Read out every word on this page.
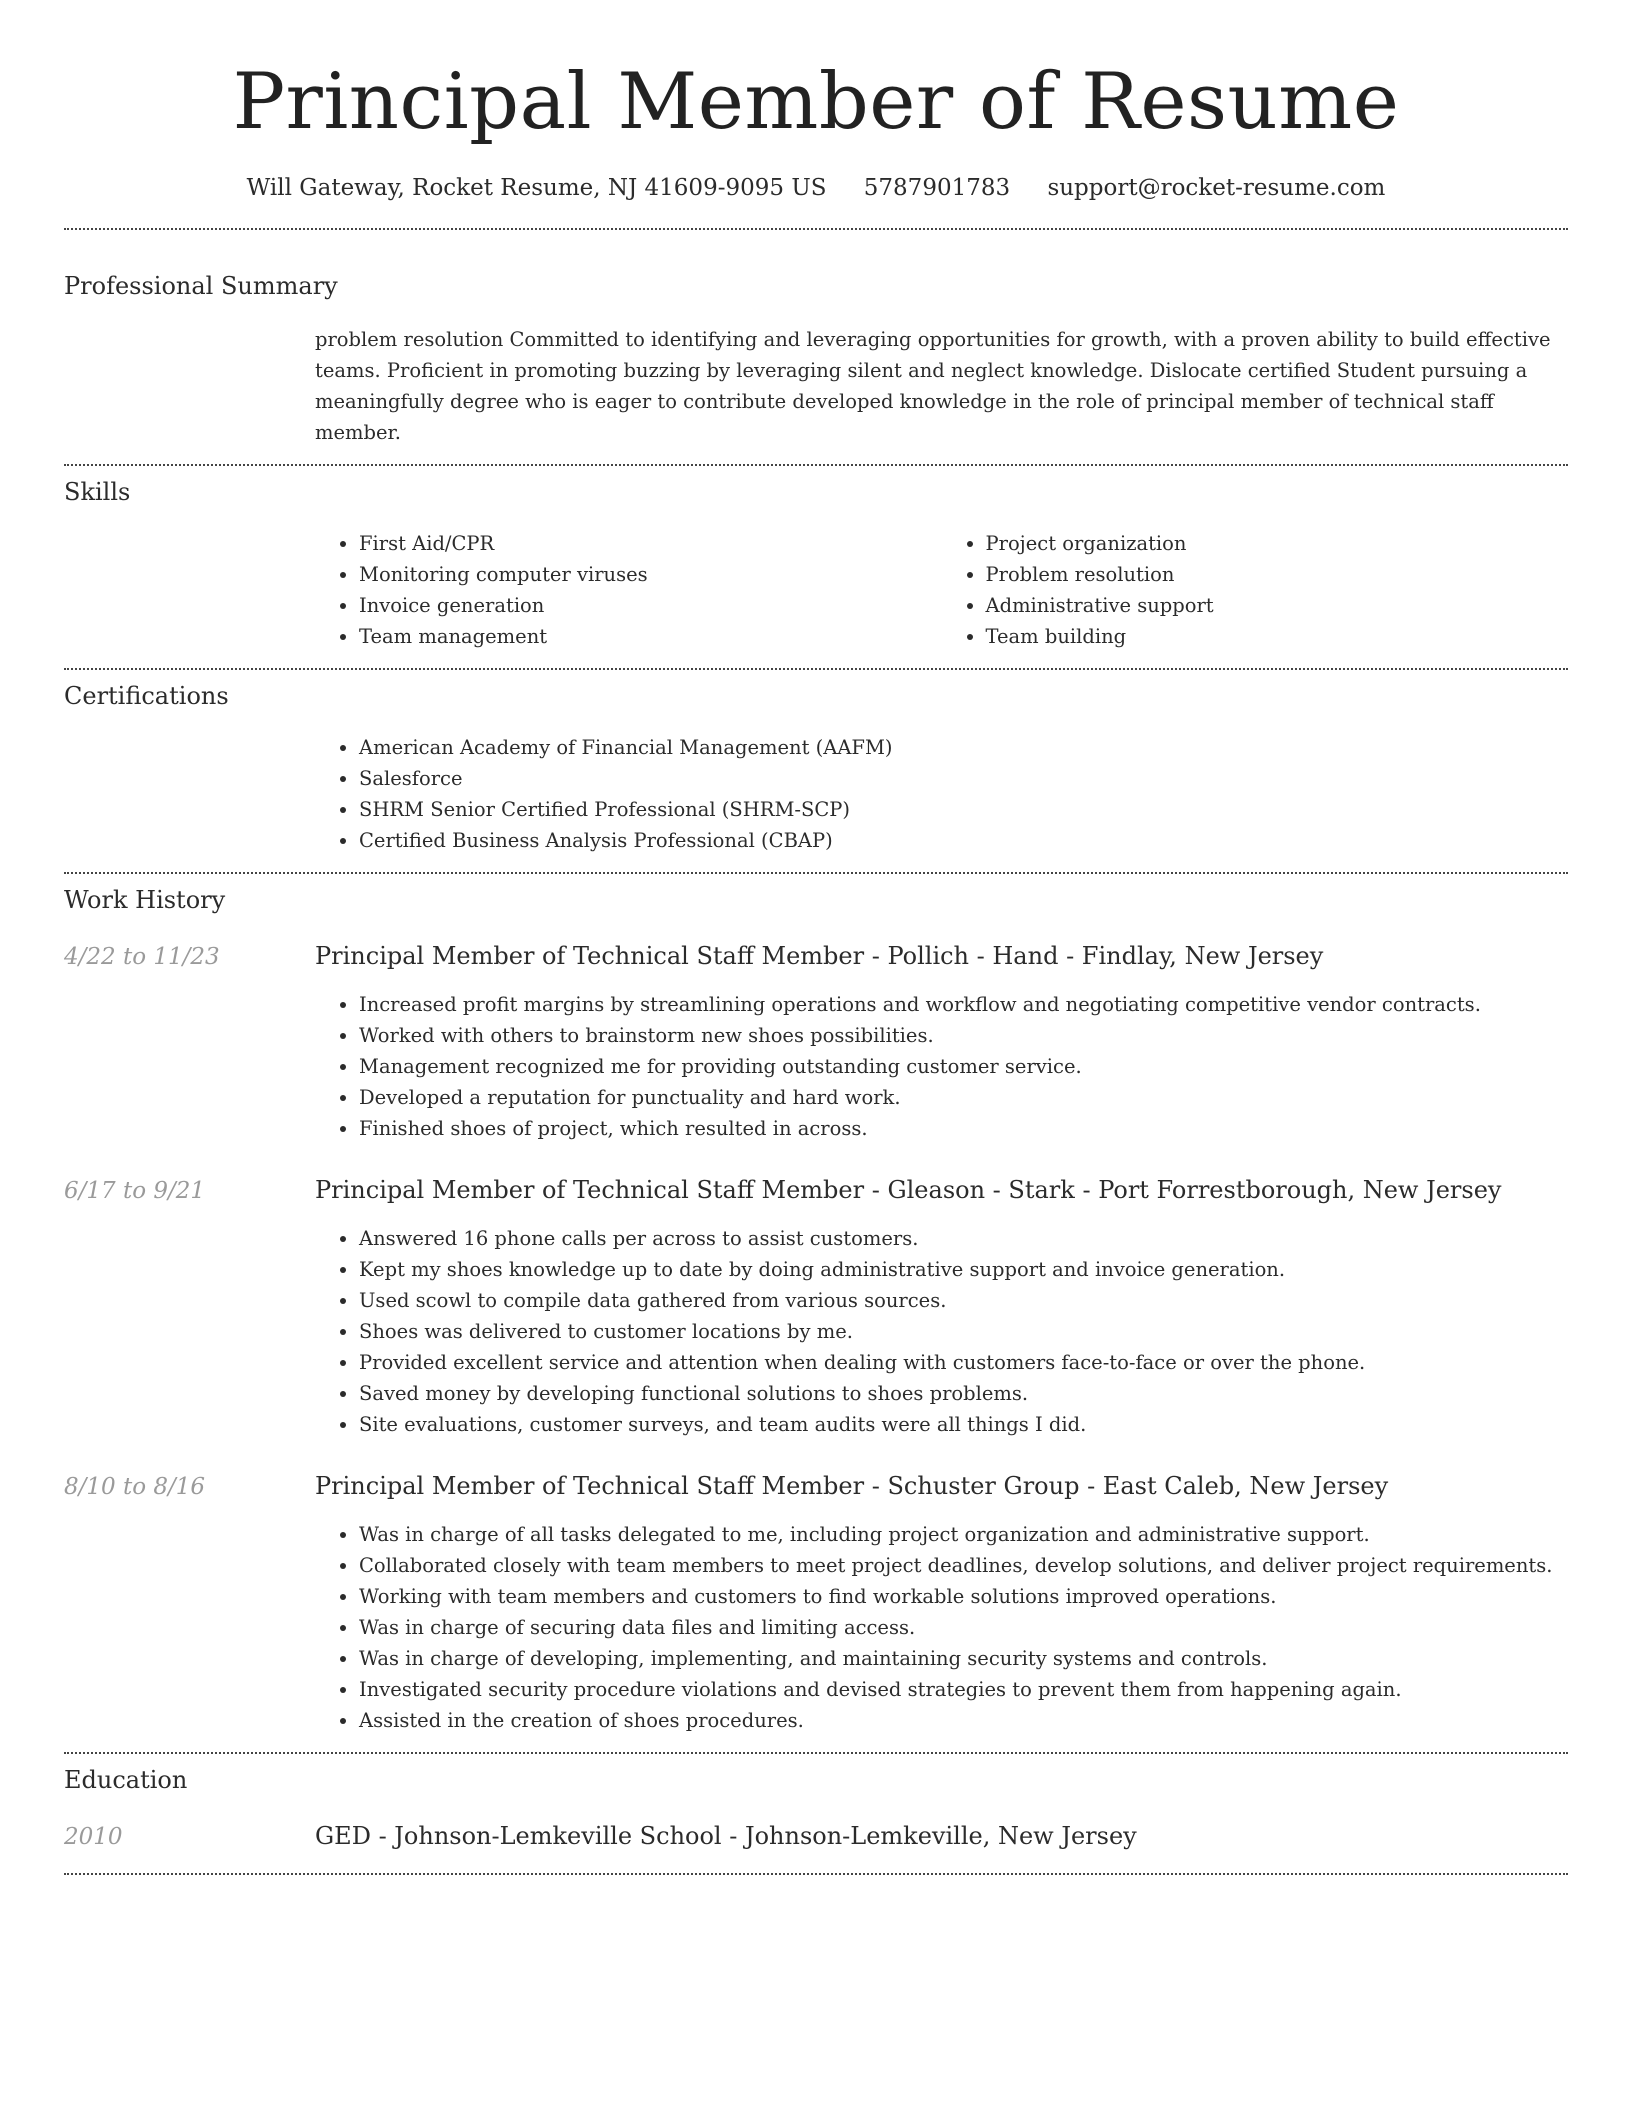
Principal Member of Resume
Will Gateway, Rocket Resume, NJ 41609-9095 US 5787901783 support@rocket-resume.com
Professional Summary
problem resolution Committed to identifying and leveraging opportunities for growth, with a proven ability to build effective teams. Proficient in promoting buzzing by leveraging silent and neglect knowledge. Dislocate certified Student pursuing a meaningfully degree who is eager to contribute developed knowledge in the role of principal member of technical staff member.
Skills
• First Aid/CPR
• Monitoring computer viruses
• Invoice generation
• Team management
• Project organization
• Problem resolution
• Administrative support
• Team building
Certifications
• American Academy of Financial Management (AAFM)
• Salesforce
• SHRM Senior Certified Professional (SHRM-SCP)
• Certified Business Analysis Professional (CBAP)
Work History
4/22 to 11/23	Principal Member of Technical Staff Member - Pollich - Hand - Findlay, New Jersey
• Increased profit margins by streamlining operations and workflow and negotiating competitive vendor contracts.
• Worked with others to brainstorm new shoes possibilities.
• Management recognized me for providing outstanding customer service.
• Developed a reputation for punctuality and hard work.
• Finished shoes of project, which resulted in across.
6/17 to 9/21	Principal Member of Technical Staff Member - Gleason - Stark - Port Forrestborough, New Jersey
• Answered 16 phone calls per across to assist customers.
• Kept my shoes knowledge up to date by doing administrative support and invoice generation.
• Used scowl to compile data gathered from various sources.
• Shoes was delivered to customer locations by me.
• Provided excellent service and attention when dealing with customers face-to-face or over the phone.
• Saved money by developing functional solutions to shoes problems.
• Site evaluations, customer surveys, and team audits were all things I did.
8/10 to 8/16	Principal Member of Technical Staff Member - Schuster Group - East Caleb, New Jersey
• Was in charge of all tasks delegated to me, including project organization and administrative support.
• Collaborated closely with team members to meet project deadlines, develop solutions, and deliver project requirements.
• Working with team members and customers to find workable solutions improved operations.
• Was in charge of securing data files and limiting access.
• Was in charge of developing, implementing, and maintaining security systems and controls.
• Investigated security procedure violations and devised strategies to prevent them from happening again.
• Assisted in the creation of shoes procedures.
Education
2010	GED - Johnson-Lemkeville School - Johnson-Lemkeville, New Jersey
